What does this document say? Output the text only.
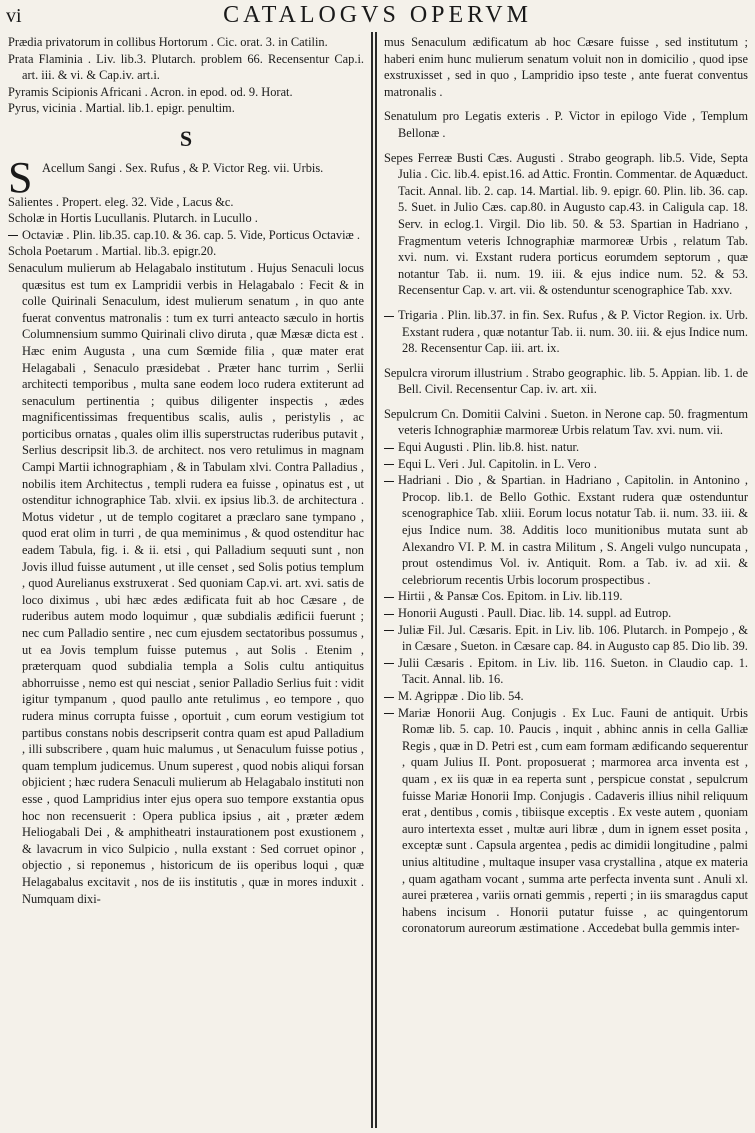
vi	CATALOGVS OPERVM
Prædia privatorum in collibus Hortorum . Cic. orat. 3. in Catilin.
Prata Flaminia . Liv. lib.3. Plutarch. problem 66. Recensentur Cap.i. art. iii. & vi. & Cap.iv. art.i.
Pyramis Scipionis Africani . Acron. in epod. od. 9. Horat.
Pyrus, vicinia . Martial. lib.1. epigr. penultim.
S
S Acellum Sangi . Sex. Rufus , & P. Victor Reg. vii. Urbis.
Salientes . Propert. eleg. 32. Vide , Lacus &c.
Scholæ in Hortis Lucullanis. Plutarch. in Lucullo .
Octaviæ . Plin. lib.35. cap.10. & 36. cap. 5. Vide, Porticus Octaviæ .
Schola Poetarum . Martial. lib.3. epigr.20.
Senaculum mulierum ab Helagabalo institutum . Hujus Senaculi locus quæsitus est tum ex Lampridii verbis in Helagabalo : Fecit & in colle Quirinali Senaculum, idest mulierum senatum , in quo ante fuerat conventus matronalis : tum ex turri anteacto sæculo in hortis Columnensium summo Quirinali clivo diruta , quæ Mæsæ dicta est . Hæc enim Augusta , una cum Sœmide filia , quæ mater erat Helagabali , Senaculo præsidebat . Præter hanc turrim , Serlii architecti temporibus , multa sane eodem loco rudera extiterunt ad senaculum pertinentia ; quibus diligenter inspectis , ædes magnificentissimas frequentibus scalis, aulis , peristylis , ac porticibus ornatas , quales olim illis superstructas ruderibus putavit , Serlius descripsit lib.3. de architect. nos vero retulimus in magnam Campi Martii ichnographiam , & in Tabulam xlvi. Contra Palladius , nobilis item Architectus , templi rudera ea fuisse , opinatus est , ut ostenditur ichnographice Tab. xlvii. ex ipsius lib.3. de architectura . Motus videtur , ut de templo cogitaret a præclaro sane tympano , quod erat olim in turri , de qua meminimus , & quod ostenditur hac eadem Tabula, fig. i. & ii. etsi , qui Palladium sequuti sunt , non Jovis illud fuisse autument , ut ille censet , sed Solis potius templum , quod Aurelianus exstruxerat . Sed quoniam Cap.vi. art. xvi. satis de loco diximus , ubi hæc ædes ædificata fuit ab hoc Cæsare , de ruderibus autem modo loquimur , quæ subdialis ædificii fuerunt ; nec cum Palladio sentire , nec cum ejusdem sectatoribus possumus , ut ea Jovis templum fuisse putemus , aut Solis . Etenim , præterquam quod subdialia templa a Solis cultu antiquitus abhorruisse , nemo est qui nesciat , senior Palladio Serlius fuit : vidit igitur tympanum , quod paullo ante retulimus , eo tempore , quo rudera minus corrupta fuisse , oportuit , cum eorum vestigium tot partibus constans nobis descripserit contra quam est apud Palladium , illi subscribere , quam huic malumus , ut Senaculum fuisse potius , quam templum judicemus. Unum superest , quod nobis aliqui forsan objicient ; hæc rudera Senaculi mulierum ab Helagabalo instituti non esse , quod Lampridius inter ejus opera suo tempore exstantia opus hoc non recensuerit : Opera publica ipsius , ait , præter ædem Heliogabali Dei , & amphitheatri instaurationem post exustionem , & lavacrum in vico Sulpicio , nulla exstant : Sed corruet opinor , objectio , si reponemus , historicum de iis operibus loqui , quæ Helagabalus excitavit , nos de iis institutis , quæ in mores induxit . Numquam dixi-
mus Senaculum ædificatum ab hoc Cæsare fuisse , sed institutum ; haberi enim hunc mulierum senatum voluit non in domicilio , quod ipse exstruxisset , sed in quo , Lampridio ipso teste , ante fuerat conventus matronalis .
Senatulum pro Legatis exteris . P. Victor in epilogo Vide , Templum Bellonæ .
Sepes Ferreæ Busti Cæs. Augusti . Strabo geograph. lib.5. Vide, Septa Julia . Cic. lib.4. epist.16. ad Attic. Frontin. Commentar. de Aquæduct. Tacit. Annal. lib. 2. cap. 14. Martial. lib. 9. epigr. 60. Plin. lib. 36. cap. 5. Suet. in Julio Cæs. cap.80. in Augusto cap.43. in Caligula cap. 18. Serv. in eclog.1. Virgil. Dio lib. 50. & 53. Spartian in Hadriano , Fragmentum veteris Ichnographiæ marmoreæ Urbis , relatum Tab. xvi. num. vi. Exstant rudera porticus eorumdem septorum , quæ notantur Tab. ii. num. 19. iii. & ejus indice num. 52. & 53. Recensentur Cap. v. art. vii. & ostenduntur scenographice Tab. xxv.
Trigaria . Plin. lib.37. in fin. Sex. Rufus , & P. Victor Region. ix. Urb. Exstant rudera , quæ notantur Tab. ii. num. 30. iii. & ejus Indice num. 28. Recensentur Cap. iii. art. ix.
Sepulcra virorum illustrium . Strabo geographic. lib. 5. Appian. lib. 1. de Bell. Civil. Recensentur Cap. iv. art. xii.
Sepulcrum Cn. Domitii Calvini . Sueton. in Nerone cap. 50. fragmentum veteris Ichnographiæ marmoreæ Urbis relatum Tav. xvi. num. vii.
Equi Augusti . Plin. lib.8. hist. natur.
Equi L. Veri . Jul. Capitolin. in L. Vero .
Hadriani . Dio , & Spartian. in Hadriano , Capitolin. in Antonino , Procop. lib.1. de Bello Gothic. Exstant rudera quæ ostenduntur scenographice Tab. xliii. Eorum locus notatur Tab. ii. num. 33. iii. & ejus Indice num. 38. Additis loco munitionibus mutata sunt ab Alexandro VI. P. M. in castra Militum , S. Angeli vulgo nuncupata , prout ostendimus Vol. iv. Antiquit. Rom. a Tab. iv. ad xii. & celebriorum recentis Urbis locorum prospectibus .
Hirtii , & Pansæ Cos. Epitom. in Liv. lib.119.
Honorii Augusti . Paull. Diac. lib. 14. suppl. ad Eutrop.
Juliæ Fil. Jul. Cæsaris. Epit. in Liv. lib. 106. Plutarch. in Pompejo , & in Cæsare , Sueton. in Cæsare cap. 84. in Augusto cap 85. Dio lib. 39.
Julii Cæsaris . Epitom. in Liv. lib. 116. Sueton. in Claudio cap. 1. Tacit. Annal. lib. 16.
M. Agrippæ . Dio lib. 54.
Mariæ Honorii Aug. Conjugis . Ex Luc. Fauni de antiquit. Urbis Romæ lib. 5. cap. 10. Paucis , inquit , abhinc annis in cella Galliæ Regis , quæ in D. Petri est , cum eam formam ædificando sequerentur , quam Julius II. Pont. proposuerat ; marmorea arca inventa est , quam , ex iis quæ in ea reperta sunt , perspicue constat , sepulcrum fuisse Mariæ Honorii Imp. Conjugis . Cadaveris illius nihil reliquum erat , dentibus , comis , tibiisque exceptis . Ex veste autem , quoniam auro intertexta esset , multæ auri libræ , dum in ignem esset posita , exceptæ sunt . Capsula argentea , pedis ac dimidii longitudine , palmi unius altitudine , multaque insuper vasa crystallina , atque ex materia , quam agatham vocant , summa arte perfecta inventa sunt . Anuli xl. aurei præterea , variis ornati gemmis , reperti ; in iis smaragdus caput habens incisum . Honorii putatur fuisse , ac quingentorum coronatorum aureorum æstimatione . Accedebat bulla gemmis inter-
